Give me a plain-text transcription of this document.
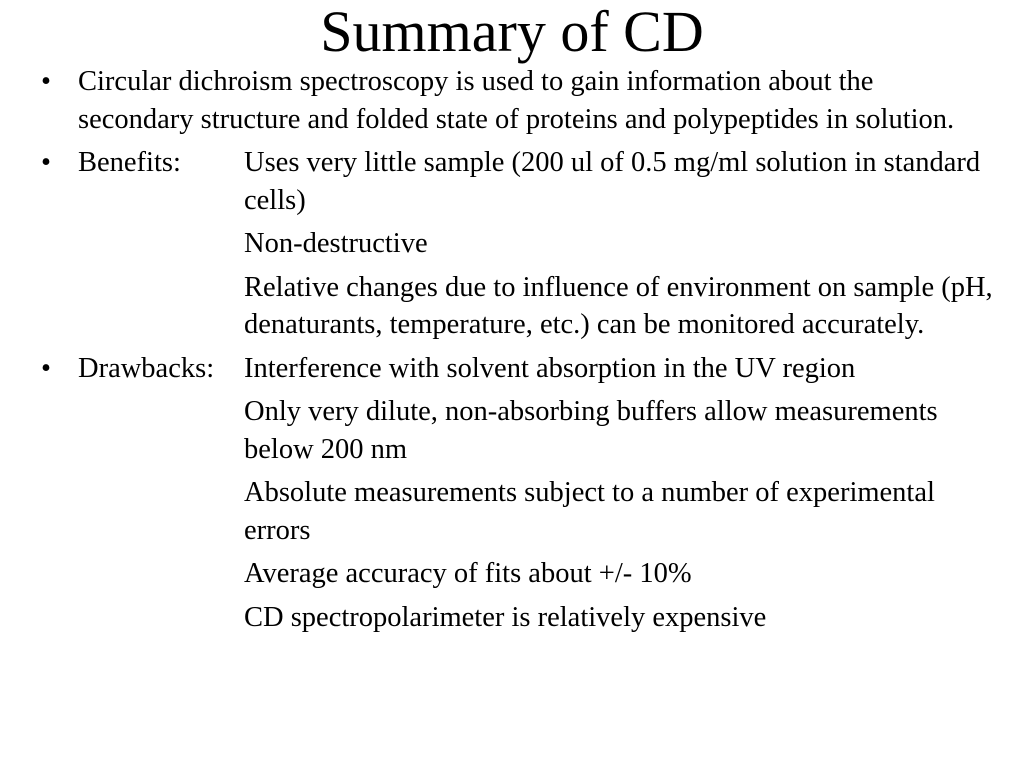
Summary of CD
• Circular dichroism spectroscopy is used to gain information about the secondary structure and folded state of proteins and polypeptides in solution.
• Benefits: Uses very little sample (200 ul of 0.5 mg/ml solution in standard cells)
Non-destructive
Relative changes due to influence of environment on sample (pH, denaturants, temperature, etc.) can be monitored accurately.
• Drawbacks: Interference with solvent absorption in the UV region
Only very dilute, non-absorbing buffers allow measurements below 200 nm
Absolute measurements subject to a number of experimental errors
Average accuracy of fits about +/- 10%
CD spectropolarimeter is relatively expensive
